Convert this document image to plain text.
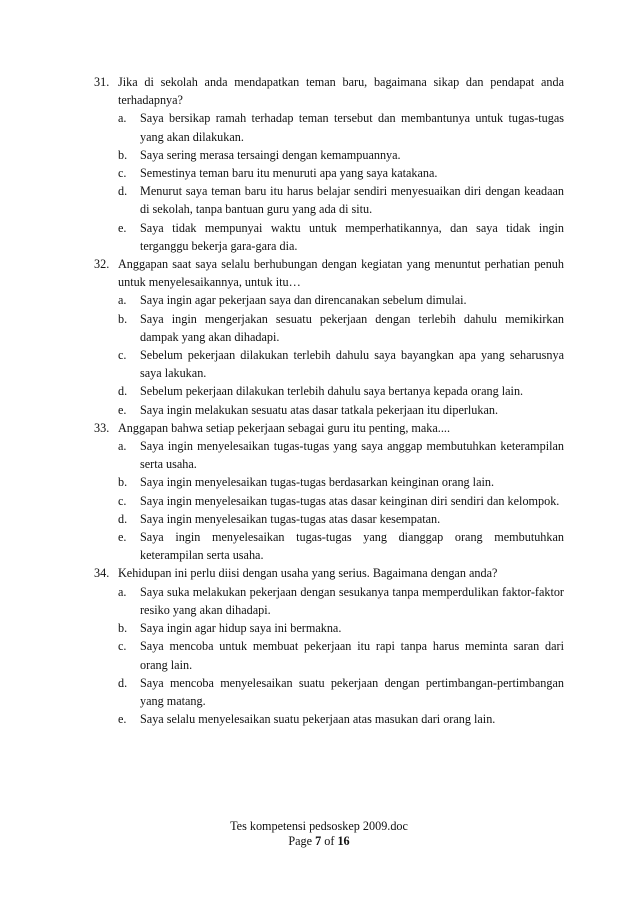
31. Jika di sekolah anda mendapatkan teman baru, bagaimana sikap dan pendapat anda terhadapnya?
a.	Saya bersikap ramah terhadap teman tersebut dan membantunya untuk tugas-tugas yang akan dilakukan.
b.	Saya sering merasa tersaingi dengan kemampuannya.
c.	Semestinya teman baru itu menuruti apa yang saya katakana.
d.	Menurut saya teman baru itu harus belajar sendiri menyesuaikan diri dengan keadaan di sekolah, tanpa bantuan guru yang ada di situ.
e.	Saya tidak mempunyai waktu untuk memperhatikannya, dan saya tidak ingin terganggu bekerja gara-gara dia.
32. Anggapan saat saya selalu berhubungan dengan kegiatan yang menuntut perhatian penuh untuk menyelesaikannya, untuk itu…
a.	Saya ingin agar pekerjaan saya dan direncanakan sebelum dimulai.
b.	Saya ingin mengerjakan sesuatu pekerjaan dengan terlebih dahulu memikirkan dampak yang akan dihadapi.
c.	Sebelum pekerjaan dilakukan terlebih dahulu saya bayangkan apa yang seharusnya saya lakukan.
d.	Sebelum pekerjaan dilakukan terlebih dahulu saya bertanya kepada orang lain.
e.	Saya ingin melakukan sesuatu atas dasar tatkala pekerjaan itu diperlukan.
33. Anggapan bahwa setiap pekerjaan sebagai guru itu penting, maka....
a.	Saya ingin menyelesaikan tugas-tugas yang saya anggap membutuhkan keterampilan serta usaha.
b.	Saya ingin menyelesaikan tugas-tugas berdasarkan keinginan orang lain.
c.	Saya ingin menyelesaikan tugas-tugas atas dasar keinginan diri sendiri dan kelompok.
d.	Saya ingin menyelesaikan tugas-tugas atas dasar kesempatan.
e.	Saya ingin menyelesaikan tugas-tugas yang dianggap orang membutuhkan keterampilan serta usaha.
34. Kehidupan ini perlu diisi dengan usaha yang serius. Bagaimana dengan anda?
a.	Saya suka melakukan pekerjaan dengan sesukanya tanpa memperdulikan faktor-faktor resiko yang akan dihadapi.
b.	Saya ingin agar hidup saya ini bermakna.
c.	Saya mencoba untuk membuat pekerjaan itu rapi tanpa harus meminta saran dari orang lain.
d.	Saya mencoba menyelesaikan suatu pekerjaan dengan pertimbangan-pertimbangan yang matang.
e.	Saya selalu menyelesaikan suatu pekerjaan atas masukan dari orang lain.
Tes kompetensi pedsoskep 2009.doc
Page 7 of 16
